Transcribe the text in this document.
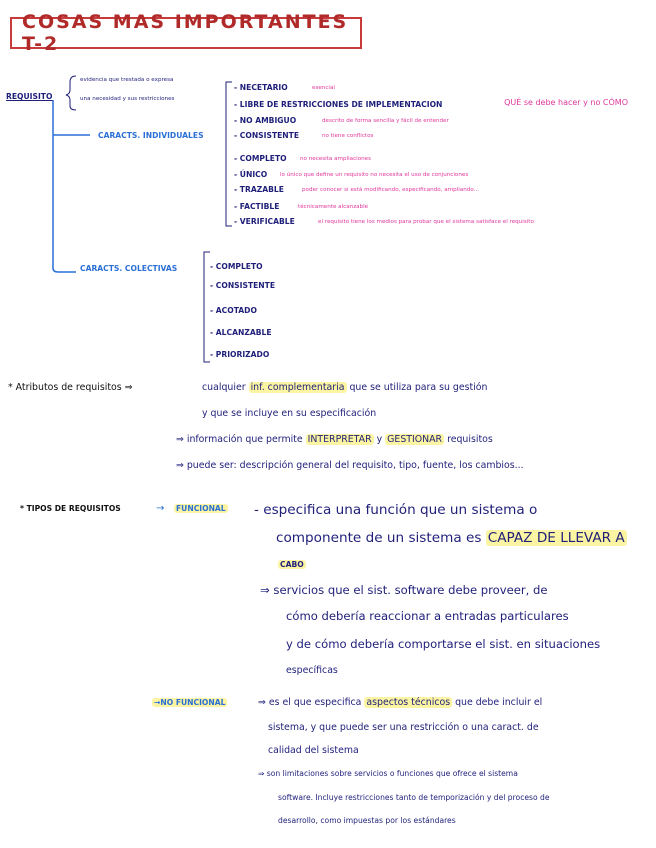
COSAS MAS IMPORTANTES T-2
REQUISITO
evidencia que trestada o expresa
una necesidad y sus restricciones
CARACTS. INDIVIDUALES
- NECETARIO	esencial
- LIBRE DE RESTRICCIONES DE IMPLEMENTACION	QUÉ se debe hacer y no CÓMO
- NO AMBIGUO	descrito de forma sencilla y fácil de entender
- CONSISTENTE	no tiene conflictos
- COMPLETO no necesita ampliaciones
- ÚNICO lo único que define un requisito no necesita el uso de conjunciones
- TRAZABLE	poder conocer si está modificando, especificando, ampliando...
- FACTIBLE	técnicamente alcanzable
- VERIFICABLE	el requisito tiene los medios para probar que el sistema satisface el requisito
CARACTS. COLECTIVAS	- COMPLETO
- CONSISTENTE
- ACOTADO
- ALCANZABLE
- PRIORIZADO
* Atributos de requisitos ⇒	cualquier inf. complementaria que se utiliza para su gestión
y que se incluye en su especificación
⇒ información que permite INTERPRETAR y GESTIONAR requisitos
⇒ puede ser: descripción general del requisito, tipo, fuente, los cambios...
* TIPOS DE REQUISITOS	→ FUNCIONAL - especifica una función que un sistema o
componente de un sistema es CAPAZ DE LLEVAR A
CABO
⇒ servicios que el sist. software debe proveer, de
cómo debería reaccionar a entradas particulares
y de cómo debería comportarse el sist. en situaciones
específicas
→NO FUNCIONAL	⇒ es el que especifica aspectos técnicos que debe incluir el
sistema, y que puede ser una restricción o una caract. de
calidad del sistema
⇒ son limitaciones sobre servicios o funciones que ofrece el sistema
software. Incluye restricciones tanto de temporización y del proceso de
desarrollo, como impuestas por los estándares
